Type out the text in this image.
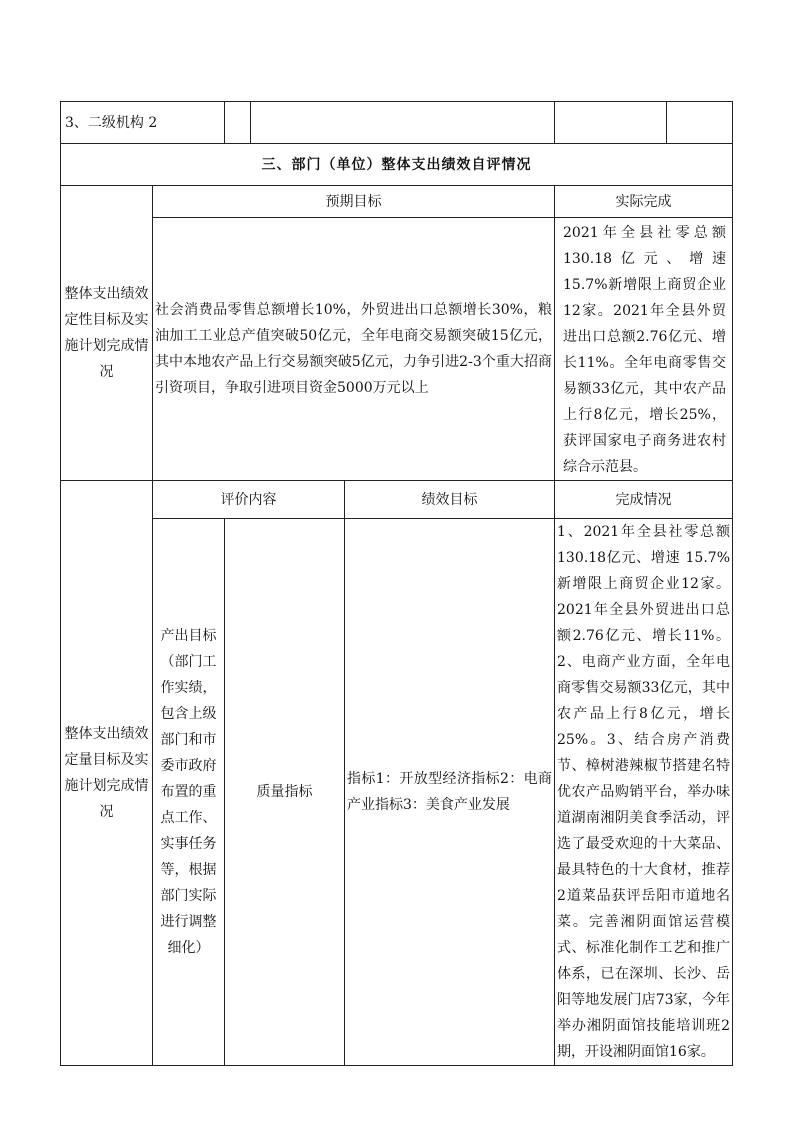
3、二级机构 2						
三、部门（单位）整体支出绩效自评情况						
整体支出绩效定性目标及实施计划完成情况	预期目标				实际完成	
	社会消费品零售总额增长10%，外贸进出口总额增长30%，粮油加工工业总产值突破50亿元，全年电商交易额突破15亿元，其中本地农产品上行交易额突破5亿元，力争引进2-3个重大招商引资项目，争取引进项目资金5000万元以上				2021年全县社零总额130.18亿元、增速15.7%新增限上商贸企业12家。2021年全县外贸进出口总额2.76亿元、增长11%。全年电商零售交易额33亿元，其中农产品上行8亿元，增长25%，获评国家电子商务进农村综合示范县。	
整体支出绩效定量目标及实施计划完成情况	评价内容			绩效目标	完成情况	
	产出目标（部门工作实绩，包含上级部门和市委市政府布置的重点工作、实事任务等，根据部门实际进行调整细化）	质量指标		指标1：开放型经济指标2：电商产业指标3：美食产业发展	1、2021年全县社零总额130.18亿元、增速 15.7%新增限上商贸企业12家。2021年全县外贸进出口总额2.76亿元、增长11%。2、电商产业方面，全年电商零售交易额33亿元，其中农产品上行8亿元，增长25%。3、结合房产消费节、樟树港辣椒节搭建名特优农产品购销平台，举办味道湖南湘阴美食季活动，评选了最受欢迎的十大菜品、最具特色的十大食材，推荐2道菜品获评岳阳市道地名菜。完善湘阴面馆运营模式、标准化制作工艺和推广体系，已在深圳、长沙、岳阳等地发展门店73家，今年举办湘阴面馆技能培训班2期，开设湘阴面馆16家。	
